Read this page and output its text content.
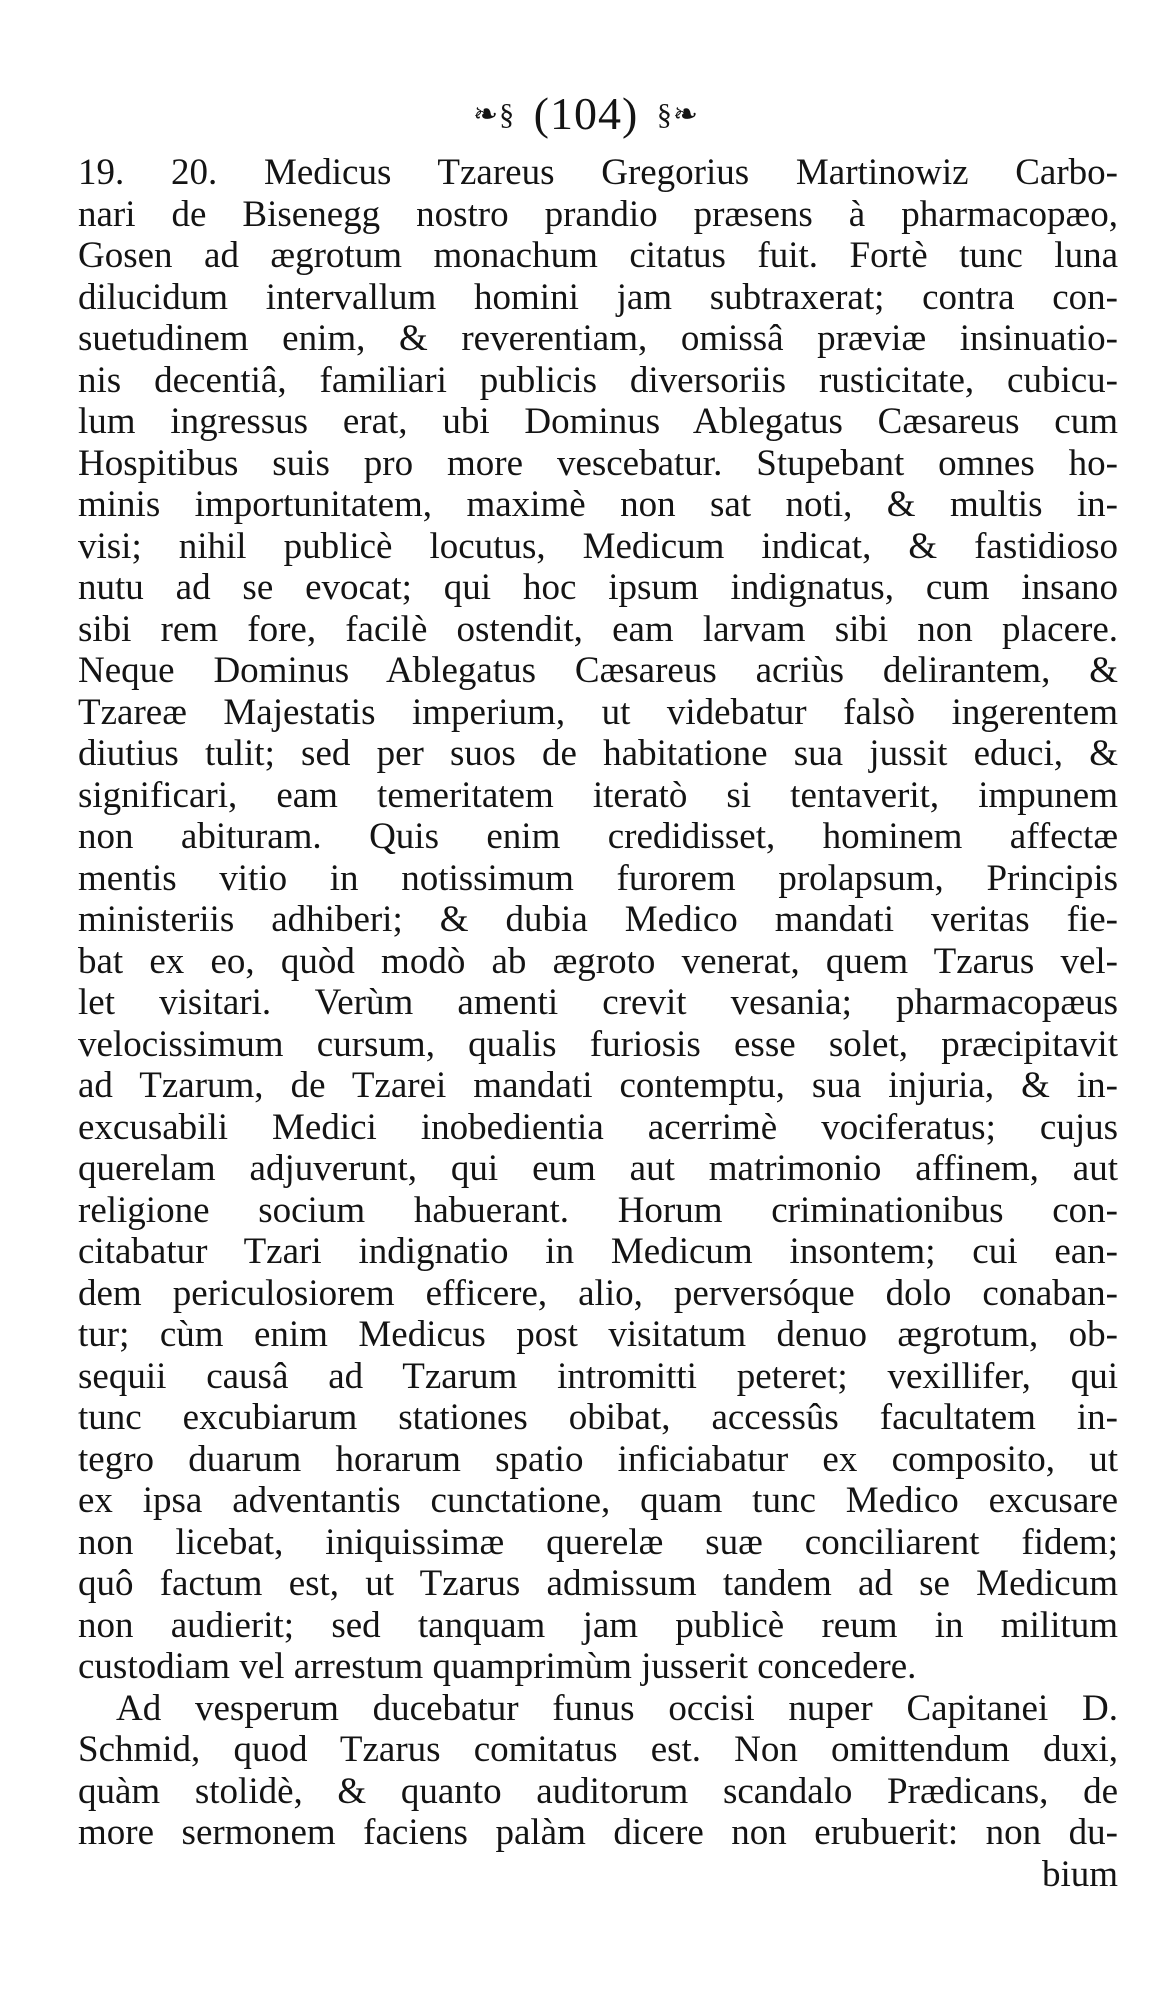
❧§ (104) §❧
19. 20. Medicus Tzareus Gregorius Martinowiz Carbo-
nari de Bisenegg nostro prandio præsens à pharmacopæo,
Gosen ad ægrotum monachum citatus fuit. Fortè tunc luna
dilucidum intervallum homini jam subtraxerat; contra con-
suetudinem enim, & reverentiam, omissâ præviæ insinuatio-
nis decentiâ, familiari publicis diversoriis rusticitate, cubicu-
lum ingressus erat, ubi Dominus Ablegatus Cæsareus cum
Hospitibus suis pro more vescebatur. Stupebant omnes ho-
minis importunitatem, maximè non sat noti, & multis in-
visi; nihil publicè locutus, Medicum indicat, & fastidioso
nutu ad se evocat; qui hoc ipsum indignatus, cum insano
sibi rem fore, facilè ostendit, eam larvam sibi non placere.
Neque Dominus Ablegatus Cæsareus acriùs delirantem, &
Tzareæ Majestatis imperium, ut videbatur falsò ingerentem
diutius tulit; sed per suos de habitatione sua jussit educi, &
significari, eam temeritatem iteratò si tentaverit, impunem
non abituram. Quis enim credidisset, hominem affectæ
mentis vitio in notissimum furorem prolapsum, Principis
ministeriis adhiberi; & dubia Medico mandati veritas fie-
bat ex eo, quòd modò ab ægroto venerat, quem Tzarus vel-
let visitari. Verùm amenti crevit vesania; pharmacopæus
velocissimum cursum, qualis furiosis esse solet, præcipitavit
ad Tzarum, de Tzarei mandati contemptu, sua injuria, & in-
excusabili Medici inobedientia acerrimè vociferatus; cujus
querelam adjuverunt, qui eum aut matrimonio affinem, aut
religione socium habuerant. Horum criminationibus con-
citabatur Tzari indignatio in Medicum insontem; cui ean-
dem periculosiorem efficere, alio, perversóque dolo conaban-
tur; cùm enim Medicus post visitatum denuo ægrotum, ob-
sequii causâ ad Tzarum intromitti peteret; vexillifer, qui
tunc excubiarum stationes obibat, accessûs facultatem in-
tegro duarum horarum spatio inficiabatur ex composito, ut
ex ipsa adventantis cunctatione, quam tunc Medico excusare
non licebat, iniquissimæ querelæ suæ conciliarent fidem;
quô factum est, ut Tzarus admissum tandem ad se Medicum
non audierit; sed tanquam jam publicè reum in militum
custodiam vel arrestum quamprimùm jusserit concedere.
Ad vesperum ducebatur funus occisi nuper Capitanei D.
Schmid, quod Tzarus comitatus est. Non omittendum duxi,
quàm stolidè, & quanto auditorum scandalo Prædicans, de
more sermonem faciens palàm dicere non erubuerit: non du-
bium
